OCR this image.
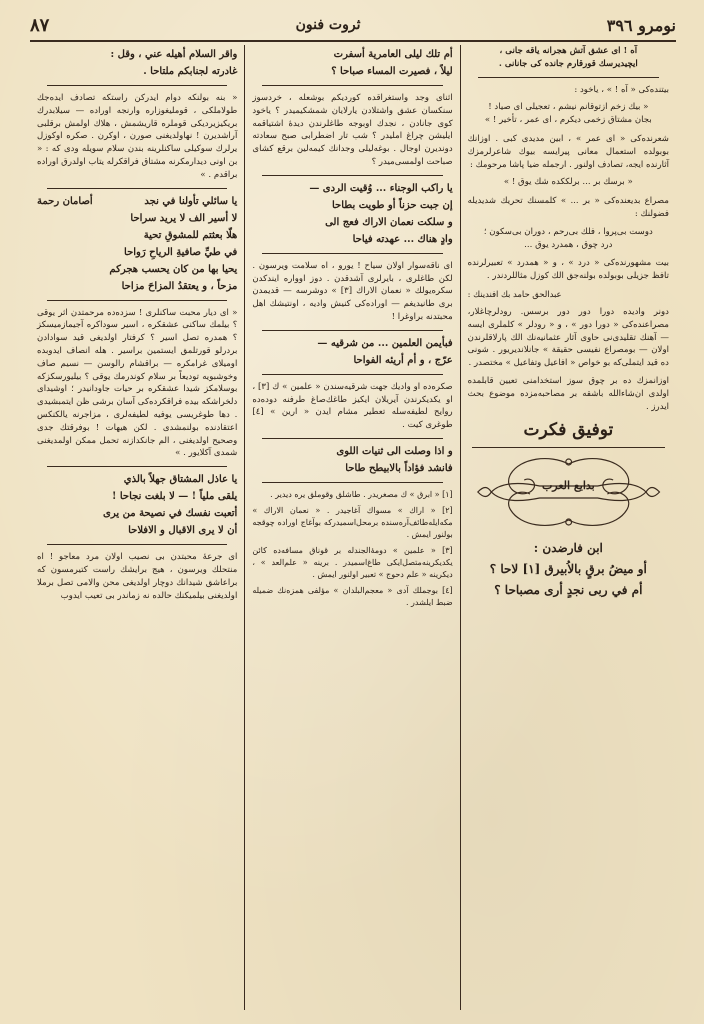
٨٧	ثروت فنون	نومرو ٣٩٦
آه ! ای عشق آتش هجرانه یاقه جانی ،
ایچیدیرسك قورقارم جانده كی جانانی .

بیتنده‌كی « آه ! » ، یاخود :

« بیك زخم ازتوقانم نیشم ، تعجیلی ای صیاد !
بجان مشتاق زخمی دیكرم ، ای عمر ، تأخیر ! »

شعرنده‌كی « ای عمر » ، ابین مدیدی كبی . اوزانك بوبولده استعمال معانی پیرایسه بیوك شاعرلرمزك آثارنده ایجه، تصادف اولنور . ارجمله ضیا پاشا مرحومك :

« برسك بر ... برلككده شك یوق ! »

مصراع بدیعنده‌كی « بر ... » كلمسنك تحریك شدیدیله فضولنك :

دوست بی‌پروا ، فلك بی‌رحم ، دوران بی‌سكون ؛
درد چوق ، همدرد یوق ...

بیت مشهورنده‌كی « درد » ، و « همدرد » تعبیرلرنده تافظ جزیلی بوبولده بولنه‌جق الك كوزل مثاللردندر .

عبدالحق حامد بك افندینك :

دونر واديده دورا دور دور برسس. رودلرچاغلار، مصراعنده‌كی « دورا دور » ، و « رودلر » كلملری ایسه — آهنك تقلیدی‌نی حاوی آثار عثمانیه‌نك الك پارلاقلرندن اولان — بومصراع نفیسی حقیقة » جانلاندیریور . شونی ده قید ایتملی‌كه بو خواص « افاعیل وتفاعیل » مختصدر .

اوزانمزك ده بر چوق سوز استخدامنی تعیین قابلمده اولدی ان‌شاءالله باشقه بر مصاحبه‌مزده موضوع بحث ایدرز .

توفیق فكرت
بدایع العرب
ابن فارضدن :
أو ميضُ برقٍ بالاُبيرق [١] لاحا ؟
أم في ربى نجدٍ أرى مصباحا ؟
أم تلك ليلى العامرية أسفرت
ليلاً ، فصيرت المساء صباحا ؟

اثنای وجد واستغراقده كوردیكم بوشعله ، خردسوز سنكسان عشق واشتلادن یارلایان شمشكیمیدر ؟ یاخود كوی جانادن ، نجدك اوبوجه طاغلرندن دیدهٔ اشتیاقمه ایلیشن چراغ امليدر ؟ شب تار اضطرابی صبح سعادته دوندیرن اوجال . بوغه‌لیلی وجدانك كیمه‌لین برقع كشای صباحت اولمسی‌میدر ؟

يا راكب الوجناء ... وُقيت الردى —
إن جبت حزناً أو طويت بطاحا
و سلكت نعمان الاراك فعج الى
وادٍ هناك ... عهدته فياحا

ای ناقه‌سوار اولان سیاح ! يورو ، اه سلامت ويرسون . لكن طاغلری ، بايرلری آشدقدن . دوز اوواره ايندكدن سكره‌يولك « نعمان الاراك [٣] » دوشرسه — قديمدن بری طانيديغم — اوراده‌كی كنيش واديه ، اونتيشك اهل محبتدنه براوغرا !

فبأيمن العلمين ... من شرقيه —
عرّج ، و أم أريئه الفواحا

صكره‌ده او واديك جهت شرقيه‌سندن « علمين » ك [٣] ، او يكديكرندن آيريلان ايكيز طاغك‌صاغ طرفنه دوده‌ده روايح لطيفه‌سله تعطير مشام ايدن « ارين » [٤] طوغری كيت .

و اذا وصلت الى ثنيات اللوى
فانشد فؤاداً بالابيطح طاحا

[١] « ابرق » ك مصغريدر . طاشلق وقوملق يره ديدير .

[٢] « اراك » مسواك آغاجيدر . « نعمان الاراك » مكه‌ايله‌طائف‌آره‌سنده برمحل‌اسميدركه بوآغاج اوراده چوقجه بولنور ايمش .

[٣] « علمين » دومهٔ‌الجندله بر قوناق مسافه‌ده كائن يكديكرينه‌متصل‌ايكی طاغ‌اسميدر . برينه « علم‌العد » ، ديكرينه « علم دحوج » تعبير اولنور ايمش .

[٤] بوجملك آدی « معجم‌البلدان » مؤلفی همزه‌نك ضميله ضبط ايلشدر .

واقر السلام أهيله عني ، وقل :
غادرته لجنابكم ملتاحا .

« بنه بولنكه دوام ايدركن راستكه تصادف ايده‌جك طولاملكی ، قومليغوزاره وارنجه اوراده — سيلابدرك بريكيزيردیكی قوملره قاريشمش ، هلاك اولمش برقلبی آراشديرن ! نهاولديغنی صورن ، اوكرن . صكره اوكوزل يرلرك سوكيلی ساكنلرينه بندن سلام سويله ودی كه : « بن اونی ديدارمكرنه مشتاق فراقكرله يتاب اولدرق اوراده براقدم . »

يا سائلي تأولنا في نجد
أصامان رحمة
لا أسير الف لا يريد سراحا
هلّا بعثتم للمشوقِ تحية
في طيِّ صافيةِ الرياحِ رَواحا
يحيا بها من كان يحسب هجركم
مزحاً ، و يعتقدُ المزاحَ مزاحا

« ای ديار محبت ساكنلری ! سزده‌ده مرحمتدن اثر يوقی ؟ بيلمك ساكنی عشقكره ، اسير سوداكره آجيمازميسكز ؟ همدره تصل اسير ؟ كرفتار اولديغی قيد سوادادن بردرلو قورتلمق ايستمين براسير . هله انصاف ايدوبده اوميلای غرامكره — براقشام رالوسن — نسيم صاف وخوشبويه توديعاً بر سلام كوندرمك يوقی ؟ بيليورسكزكه بوسلامكز شيدا عشقكره بر حيات جاودانيدر ؛ اوشيدای دلخراشكه بيده فراقكرده‌كی آسان برشی ظن ايتمبشيدی . دها طوغريسی يوفيه لطيفه‌لری ، مزاجرنه يالكنكس اعتقادنده بولنمشدی . لكن هيهات ! بوفرقتك جدی وصحيح اولديغنی ، الم جانكدازنه تحمل ممكن اولمديغنی شمدی آكلايور . »

يا عاذل المشتاق جهلاً بالذي
يلقى ملياً ! — لا بلغت نجاحا !
أتعبت نفسك في نصيحة من يرى
أن لا يرى الاقبال و الافلاحا

ای جرعهٔ محبتدن بی نصيب اولان مرد معاجو ! اه منتحلك ويرسون ، هيج برايشك راست كتيرمسون كه براعاشق شيدانك دوچار اولديغی محن والامی تصل برملا اولديغنی بيلميكنك حالده نه زماندر بی تعيب ايدوب
